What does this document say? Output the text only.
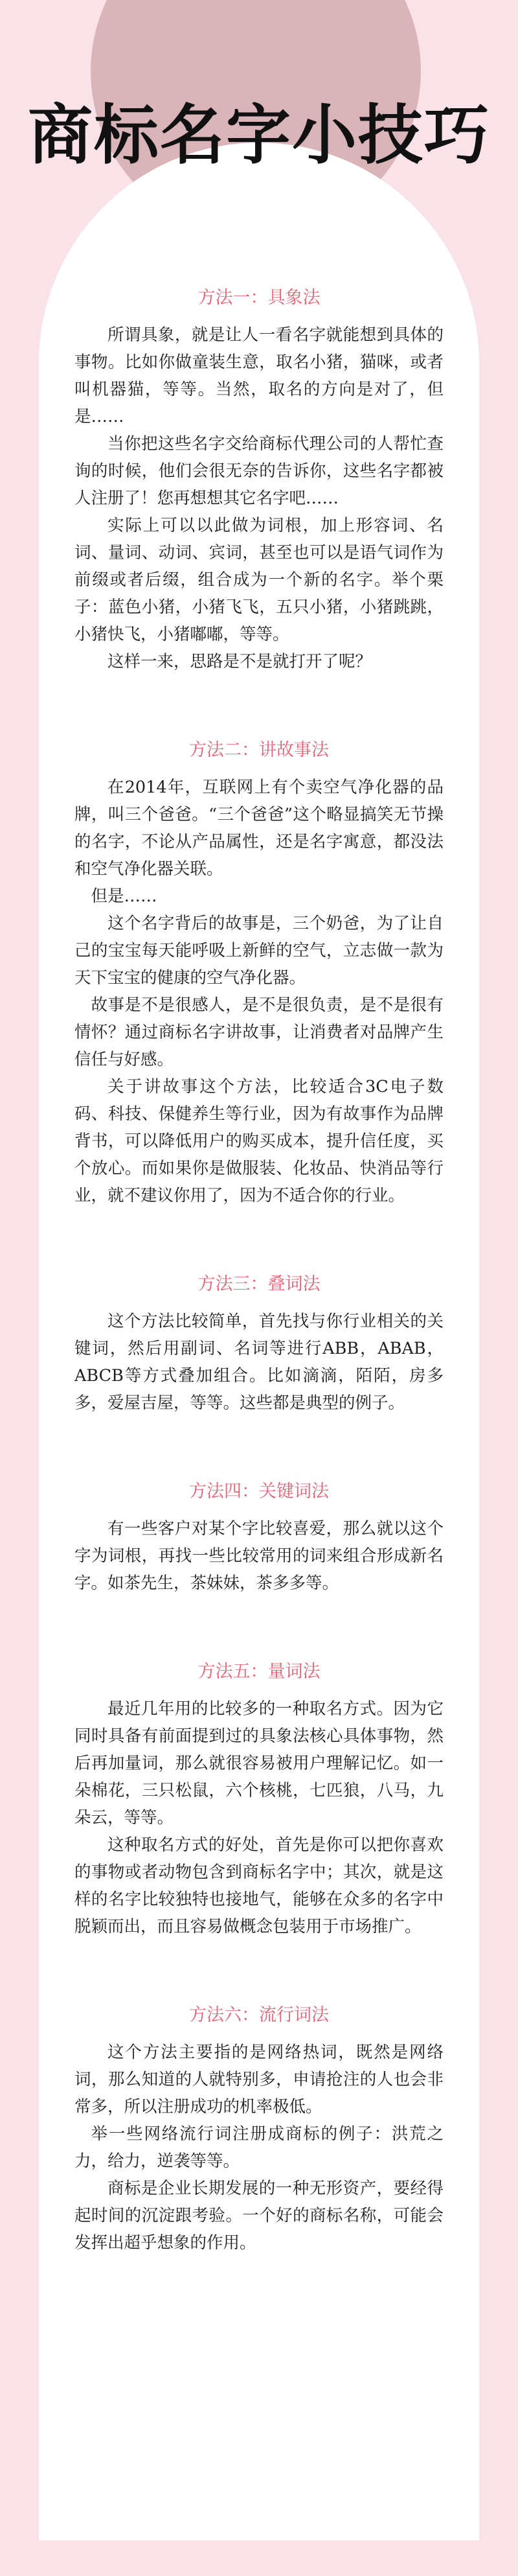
商标名字小技巧
方法一：具象法

所谓具象，就是让人一看名字就能想到具体的事物。比如你做童装生意，取名小猪，猫咪，或者叫机器猫，等等。当然，取名的方向是对了，但是……

当你把这些名字交给商标代理公司的人帮忙查询的时候，他们会很无奈的告诉你，这些名字都被人注册了！您再想想其它名字吧……

实际上可以以此做为词根，加上形容词、名词、量词、动词、宾词，甚至也可以是语气词作为前缀或者后缀，组合成为一个新的名字。举个栗子：蓝色小猪，小猪飞飞，五只小猪，小猪跳跳，小猪快飞，小猪嘟嘟，等等。

这样一来，思路是不是就打开了呢？

方法二：讲故事法

在2014年，互联网上有个卖空气净化器的品牌，叫三个爸爸。“三个爸爸”这个略显搞笑无节操的名字，不论从产品属性，还是名字寓意，都没法和空气净化器关联。

但是……

这个名字背后的故事是，三个奶爸，为了让自己的宝宝每天能呼吸上新鲜的空气，立志做一款为天下宝宝的健康的空气净化器。

故事是不是很感人，是不是很负责，是不是很有情怀？通过商标名字讲故事，让消费者对品牌产生信任与好感。

关于讲故事这个方法，比较适合3C电子数码、科技、保健养生等行业，因为有故事作为品牌背书，可以降低用户的购买成本，提升信任度，买个放心。而如果你是做服装、化妆品、快消品等行业，就不建议你用了，因为不适合你的行业。

方法三：叠词法

这个方法比较简单，首先找与你行业相关的关键词，然后用副词、名词等进行ABB，ABAB，ABCB等方式叠加组合。比如滴滴，陌陌，房多多，爱屋吉屋，等等。这些都是典型的例子。

方法四：关键词法

有一些客户对某个字比较喜爱，那么就以这个字为词根，再找一些比较常用的词来组合形成新名字。如茶先生，茶妹妹，茶多多等。

方法五：量词法

最近几年用的比较多的一种取名方式。因为它同时具备有前面提到过的具象法核心具体事物，然后再加量词，那么就很容易被用户理解记忆。如一朵棉花，三只松鼠，六个核桃，七匹狼，八马，九朵云，等等。

这种取名方式的好处，首先是你可以把你喜欢的事物或者动物包含到商标名字中；其次，就是这样的名字比较独特也接地气，能够在众多的名字中脱颖而出，而且容易做概念包装用于市场推广。

方法六：流行词法

这个方法主要指的是网络热词，既然是网络词，那么知道的人就特别多，申请抢注的人也会非常多，所以注册成功的机率极低。

举一些网络流行词注册成商标的例子：洪荒之力，给力，逆袭等等。

商标是企业长期发展的一种无形资产，要经得起时间的沉淀跟考验。一个好的商标名称，可能会发挥出超乎想象的作用。
